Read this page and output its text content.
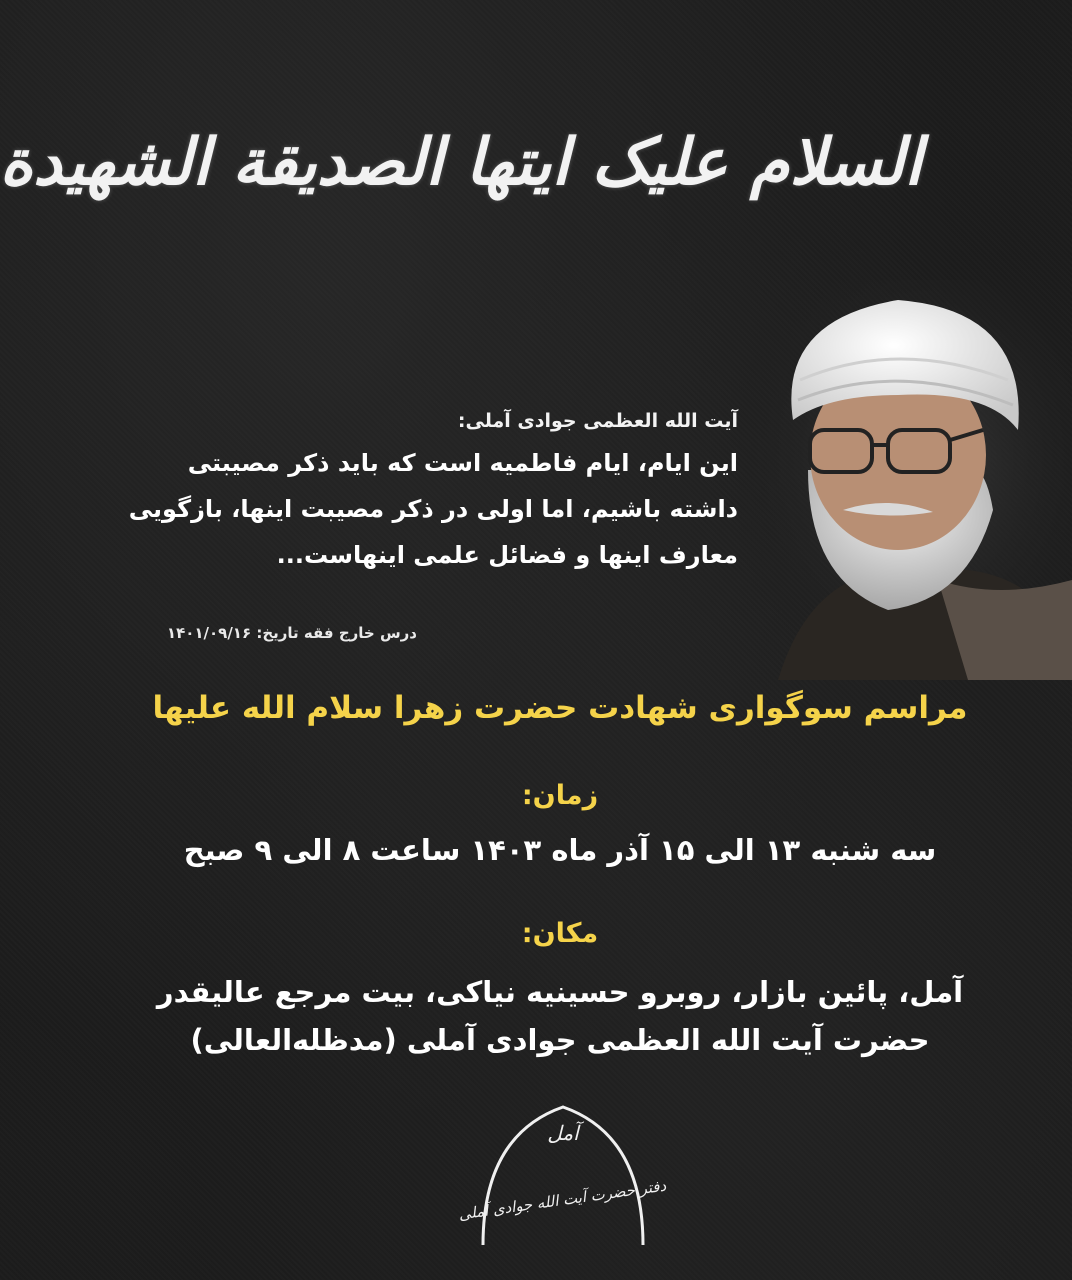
السلام علیک ایتها الصدیقة الشهیدة
آیت الله العظمی جوادی آملی:
این ایام، ایام فاطمیه است که باید ذکر مصیبتی
داشته باشیم، اما اولی در ذکر مصیبت اینها، بازگویی
معارف اینها و فضائل علمی اینهاست...
درس خارج فقه تاریخ: ۱۴۰۱/۰۹/۱۶
مراسم سوگواری شهادت حضرت زهرا سلام الله علیها
زمان:
سه شنبه ۱۳ الی ۱۵ آذر ماه ۱۴۰۳ ساعت ۸ الی ۹ صبح
مکان:
آمل، پائین بازار، روبرو حسینیه نیاکی، بیت مرجع عالیقدر
حضرت آیت الله العظمی جوادی آملی (مدظله‌العالی)
آمل
دفتر حضرت آیت الله جوادی آملی
